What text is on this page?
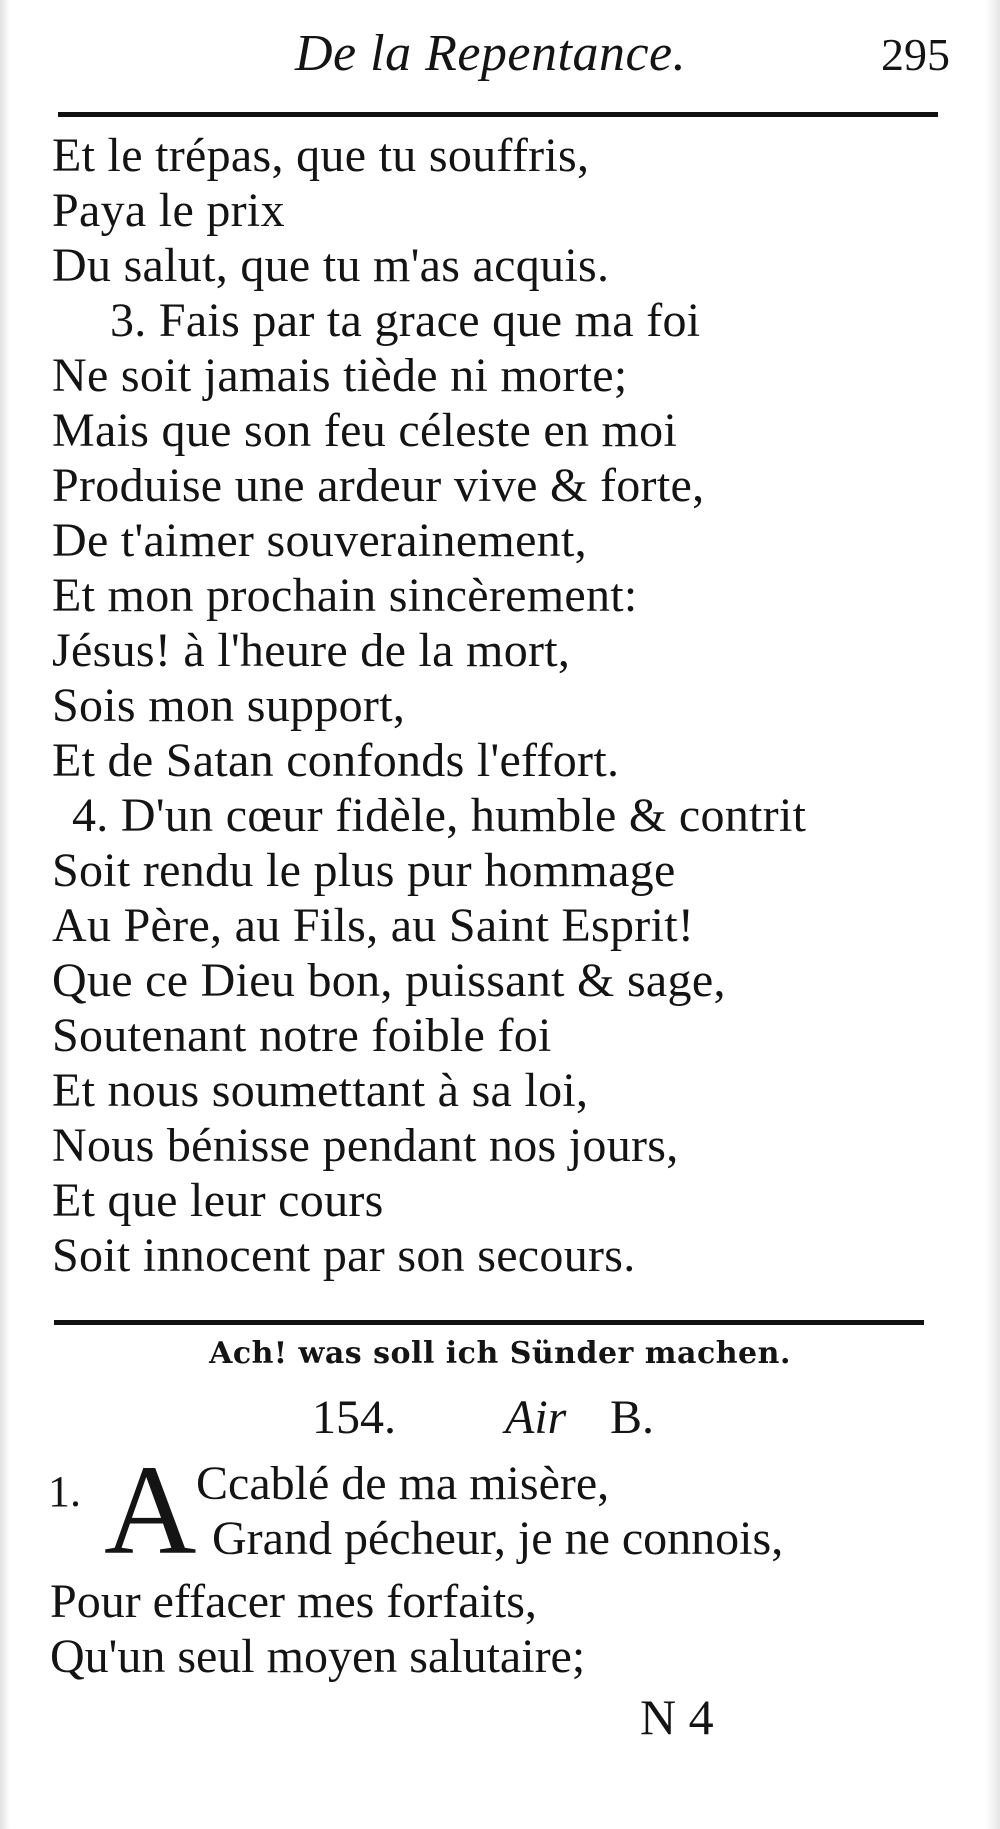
De la Repentance.	295
Et le trépas, que tu souffris,
Paya le prix
Du salut, que tu m'as acquis.
3. Fais par ta grace que ma foi
Ne soit jamais tiède ni morte;
Mais que son feu céleste en moi
Produise une ardeur vive & forte,
De t'aimer souverainement,
Et mon prochain sincèrement:
Jésus! à l'heure de la mort,
Sois mon support,
Et de Satan confonds l'effort.
4. D'un cœur fidèle, humble & contrit
Soit rendu le plus pur hommage
Au Père, au Fils, au Saint Esprit!
Que ce Dieu bon, puissant & sage,
Soutenant notre foible foi
Et nous soumettant à sa loi,
Nous bénisse pendant nos jours,
Et que leur cours
Soit innocent par son secours.
Ach! was soll ich Sünder machen.
154. Air B.
1. A Ccablé de ma misère,
Grand pécheur, je ne connois,
Pour effacer mes forfaits,
Qu'un seul moyen salutaire;
N 4
